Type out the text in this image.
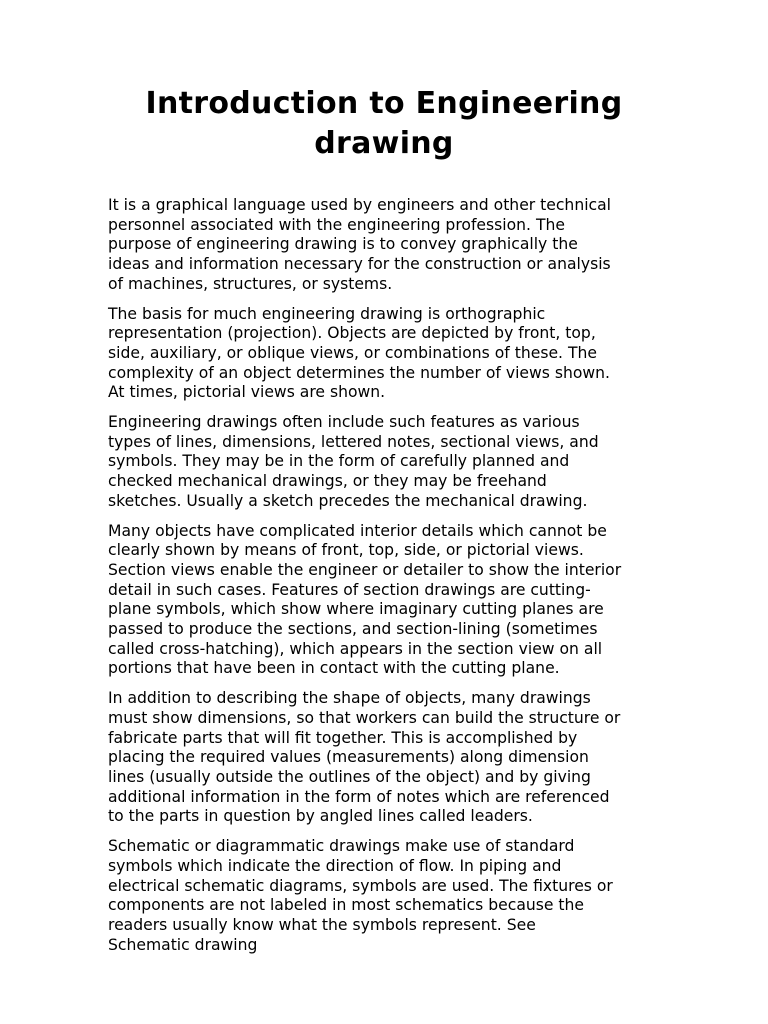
Introduction to Engineering
drawing

It is a graphical language used by engineers and other technical
personnel associated with the engineering profession. The
purpose of engineering drawing is to convey graphically the
ideas and information necessary for the construction or analysis
of machines, structures, or systems.

The basis for much engineering drawing is orthographic
representation (projection). Objects are depicted by front, top,
side, auxiliary, or oblique views, or combinations of these. The
complexity of an object determines the number of views shown.
At times, pictorial views are shown.

Engineering drawings often include such features as various
types of lines, dimensions, lettered notes, sectional views, and
symbols. They may be in the form of carefully planned and
checked mechanical drawings, or they may be freehand
sketches. Usually a sketch precedes the mechanical drawing.

Many objects have complicated interior details which cannot be
clearly shown by means of front, top, side, or pictorial views.
Section views enable the engineer or detailer to show the interior
detail in such cases. Features of section drawings are cutting-
plane symbols, which show where imaginary cutting planes are
passed to produce the sections, and section-lining (sometimes
called cross-hatching), which appears in the section view on all
portions that have been in contact with the cutting plane.

In addition to describing the shape of objects, many drawings
must show dimensions, so that workers can build the structure or
fabricate parts that will fit together. This is accomplished by
placing the required values (measurements) along dimension
lines (usually outside the outlines of the object) and by giving
additional information in the form of notes which are referenced
to the parts in question by angled lines called leaders.

Schematic or diagrammatic drawings make use of standard
symbols which indicate the direction of flow. In piping and
electrical schematic diagrams, symbols are used. The fixtures or
components are not labeled in most schematics because the
readers usually know what the symbols represent. See
Schematic drawing
